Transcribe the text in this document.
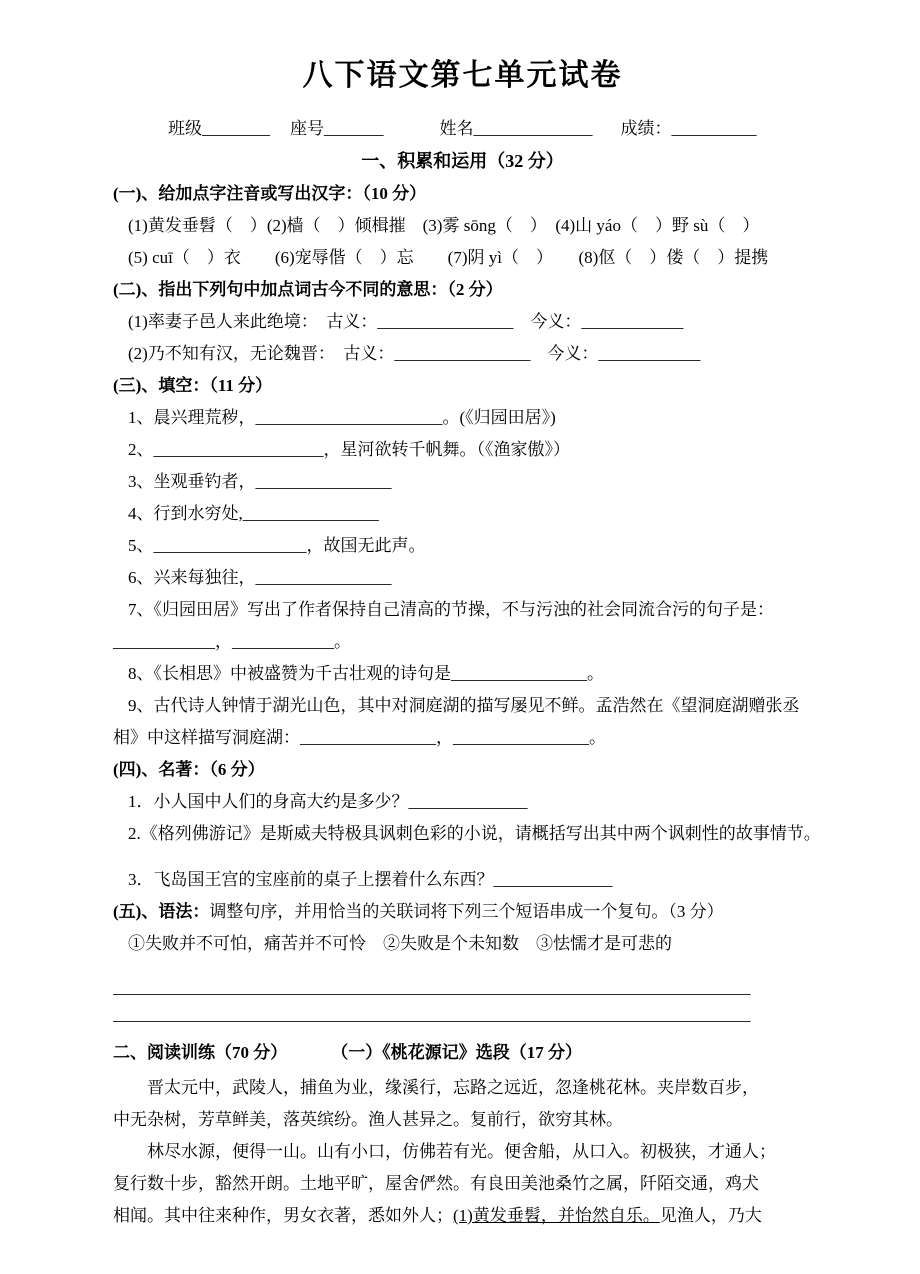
八下语文第七单元试卷
班级________ 座号_______	姓名______________ 成绩：__________
一、积累和运用（32 分）
(一)、给加点字注音或写出汉字：（10 分）
(1)黄发垂髫（　）(2)樯（　）倾楫摧　(3)雾 sōng（　）　(4)山 yáo（　）野 sù（　）
(5) cuī（　）衣　　(6)宠辱偕（　）忘　　(7)阴 yì（　）　　(8)伛（　）偻（　）提携
(二)、指出下列句中加点词古今不同的意思：（2 分）
(1)率妻子邑人来此绝境：　古义：________________　今义：____________
(2)乃不知有汉，无论魏晋：　古义：________________　今义：____________
(三)、填空：（11 分）
1、晨兴理荒秽，______________________。(《归园田居》)
2、____________________，星河欲转千帆舞。（《渔家傲》）
3、坐观垂钓者，________________
4、行到水穷处,________________
5、__________________，故国无此声。
6、兴来每独往，________________
7、《归园田居》写出了作者保持自己清高的节操，不与污浊的社会同流合污的句子是：
____________，____________。
8、《长相思》中被盛赞为千古壮观的诗句是________________。
9、古代诗人钟情于湖光山色，其中对洞庭湖的描写屡见不鲜。孟浩然在《望洞庭湖赠张丞
相》中这样描写洞庭湖：________________，________________。
(四)、名著：（6 分）
1．小人国中人们的身高大约是多少？______________
2.《格列佛游记》是斯威夫特极具讽刺色彩的小说，请概括写出其中两个讽刺性的故事情节。
3．飞岛国王宫的宝座前的桌子上摆着什么东西？______________
(五)、语法：调整句序，并用恰当的关联词将下列三个短语串成一个复句。（3 分）
①失败并不可怕，痛苦并不可怜　②失败是个未知数　③怯懦才是可悲的
___________________________________________________________________________
___________________________________________________________________________
二、阅读训练（70 分）	（一）《桃花源记》选段（17 分）
晋太元中，武陵人，捕鱼为业，缘溪行，忘路之远近，忽逢桃花林。夹岸数百步，
中无杂树，芳草鲜美，落英缤纷。渔人甚异之。复前行，欲穷其林。
林尽水源，便得一山。山有小口，仿佛若有光。便舍船，从口入。初极狭，才通人；
复行数十步，豁然开朗。土地平旷，屋舍俨然。有良田美池桑竹之属，阡陌交通，鸡犬
相闻。其中往来种作，男女衣著，悉如外人；(1)黄发垂髫，并怡然自乐。见渔人，乃大
